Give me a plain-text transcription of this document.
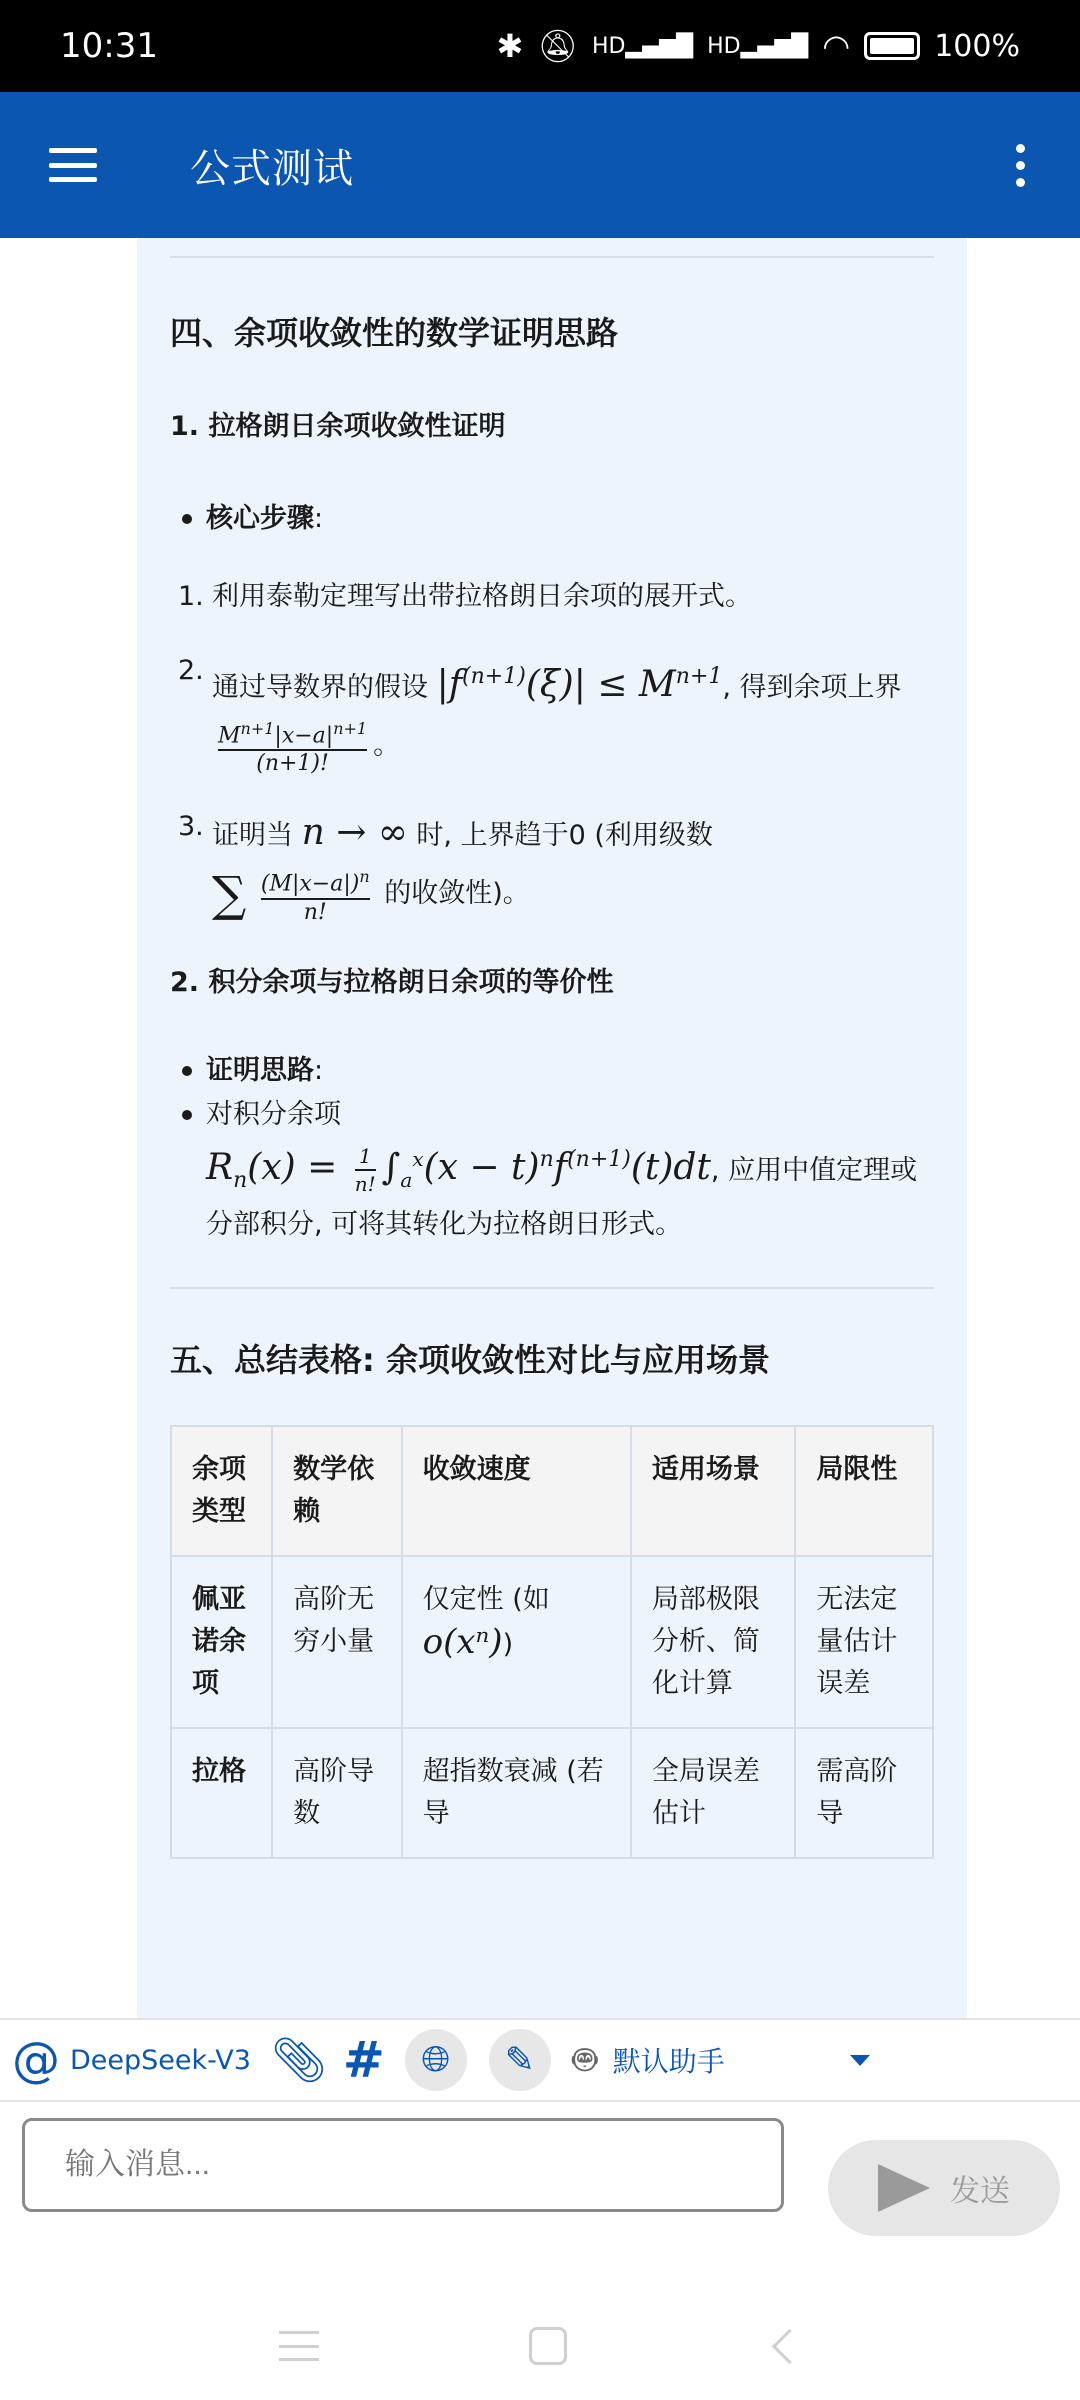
10:31	✱ 🔕︎ HD▂▄▆█ HD▂▄▆█ ◠	100%
公式测试
四、余项收敛性的数学证明思路
1. 拉格朗日余项收敛性证明
核心步骤:
1. 利用泰勒定理写出带拉格朗日余项的展开式。
2.
通过导数界的假设 $|f^{(n+1)}(\xi)| \le M^{n+1}$, 得到余项上界
$\frac{M^{n+1}|x-a|^{n+1}}{(n+1)!}$ 。
3. 证明当 n → ∞ 时, 上界趋于0 (利用级数
∑ $\frac{(M|x-a|)^n}{n!}$ 的收敛性)。
2. 积分余项与拉格朗日余项的等价性
证明思路:
对积分余项
$R_n(x) = \frac{1}{n!} \int_a^x(x - t)^nf^{(n+1)}(t)dt$, 应用中值定理或分部积分, 可将其转化为拉格朗日形式。
五、总结表格: 余项收敛性对比与应用场景
余项类型	数学依赖	收敛速度	适用场景	局限性
佩亚诺余项	高阶无穷小量	仅定性 (如o(xⁿ))	局部极限分析、简化计算	无法定量估计误差
拉格	高阶导数	超指数衰减 (若导	全局误差估计	需高阶导
@ DeepSeek-V3 📎︎ # 🌐︎ ✎ 🤖︎ 默认助手
输入消息...
发送
